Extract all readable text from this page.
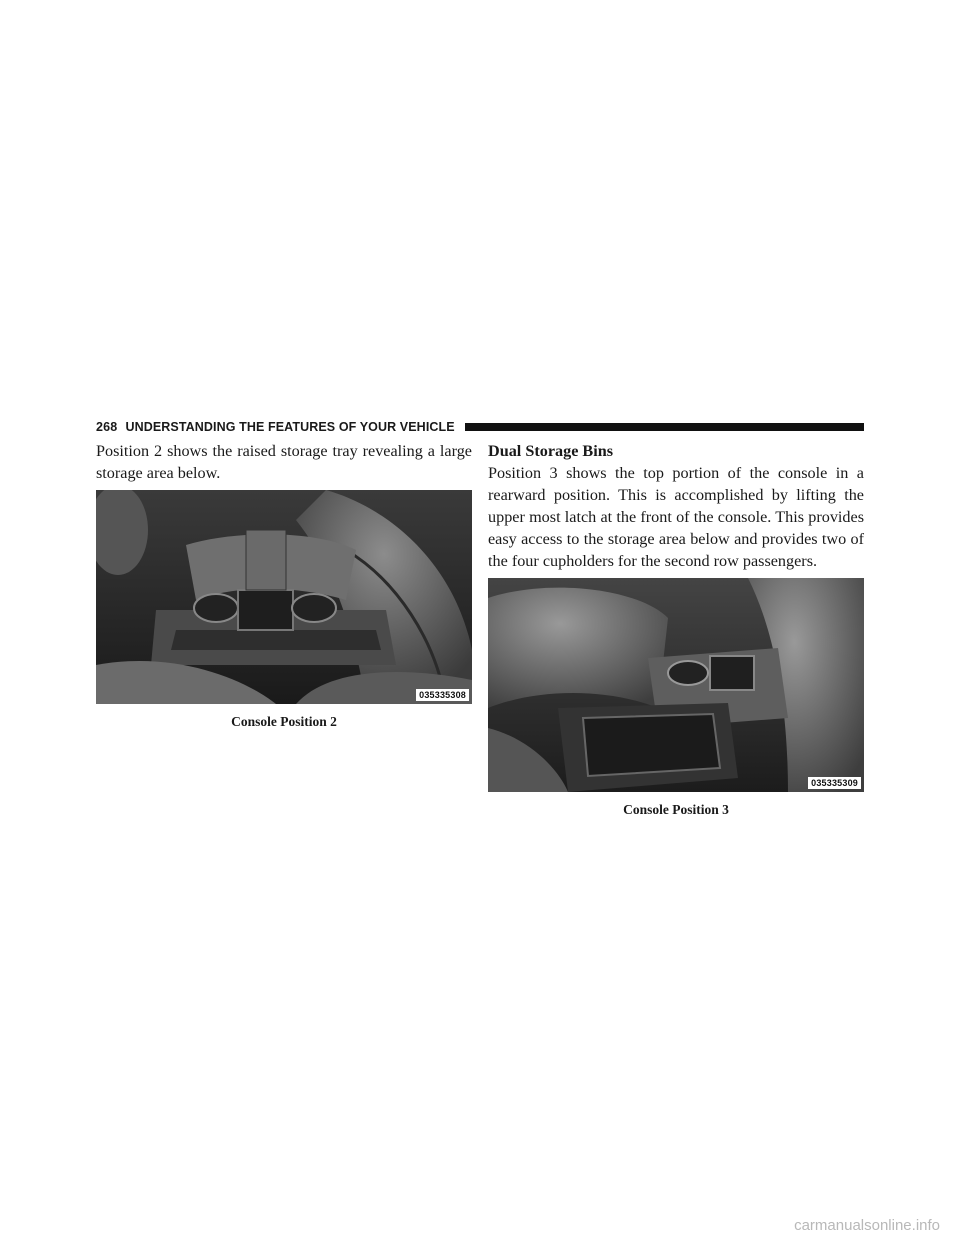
268 UNDERSTANDING THE FEATURES OF YOUR VEHICLE

Position 2 shows the raised storage tray revealing a large storage area below.

035335308
Console Position 2

Dual Storage Bins

Position 3 shows the top portion of the console in a rearward position. This is accomplished by lifting the upper most latch at the front of the console. This provides easy access to the storage area below and provides two of the four cupholders for the second row passengers.

035335309
Console Position 3
carmanualsonline.info
